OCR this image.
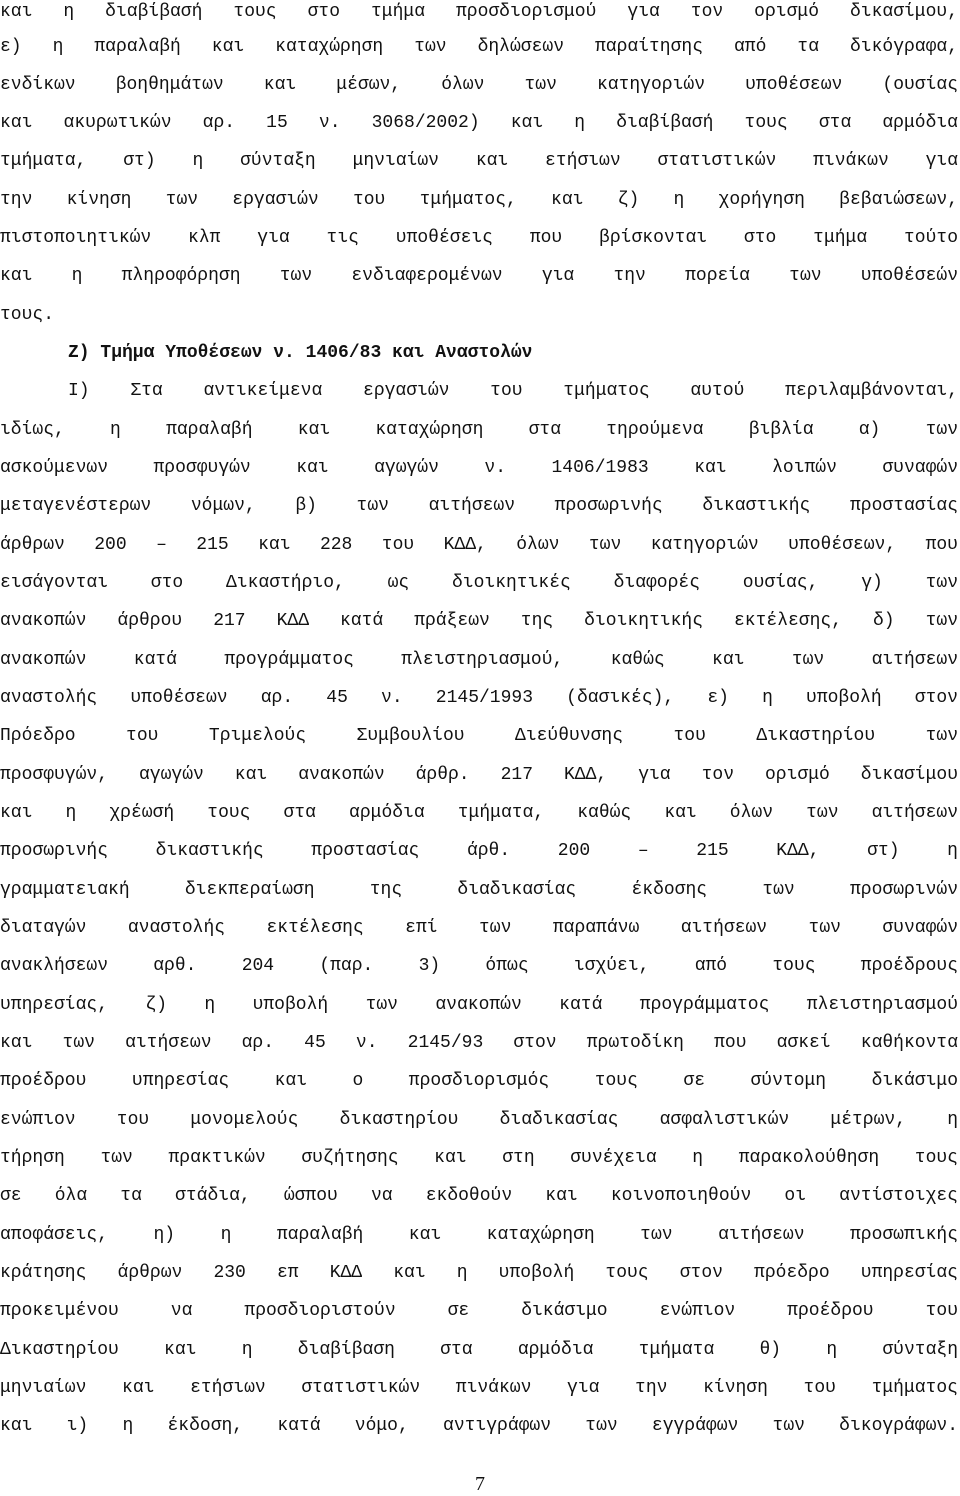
και η διαβίβασή τους στο τμήμα προσδιορισμού για τον ορισμό δικασίμου,
ε) η παραλαβή και καταχώρηση των δηλώσεων παραίτησης από τα δικόγραφα,
ενδίκων βοηθημάτων και μέσων, όλων των κατηγοριών υποθέσεων (ουσίας
και ακυρωτικών αρ. 15 ν. 3068/2002) και η διαβίβασή τους στα αρμόδια
τμήματα, στ) η σύνταξη μηνιαίων και ετήσιων στατιστικών πινάκων για
την κίνηση των εργασιών του τμήματος, και ζ) η χορήγηση βεβαιώσεων,
πιστοποιητικών κλπ για τις υποθέσεις που βρίσκονται στο τμήμα τούτο
και η πληροφόρηση των ενδιαφερομένων για την πορεία των υποθέσεών
τους.
Ζ) Τμήμα Υποθέσεων ν. 1406/83 και Αναστολών
Ι) Στα αντικείμενα εργασιών του τμήματος αυτού περιλαμβάνονται,
ιδίως, η παραλαβή και καταχώρηση στα τηρούμενα βιβλία α) των
ασκούμενων προσφυγών και αγωγών ν. 1406/1983 και λοιπών συναφών
μεταγενέστερων νόμων, β) των αιτήσεων προσωρινής δικαστικής προστασίας
άρθρων 200 – 215 και 228 του ΚΔΔ, όλων των κατηγοριών υποθέσεων, που
εισάγονται στο Δικαστήριο, ως διοικητικές διαφορές ουσίας, γ) των
ανακοπών άρθρου 217 ΚΔΔ κατά πράξεων της διοικητικής εκτέλεσης, δ) των
ανακοπών κατά προγράμματος πλειστηριασμού, καθώς και των αιτήσεων
αναστολής υποθέσεων αρ. 45 ν. 2145/1993 (δασικές), ε) η υποβολή στον
Πρόεδρο του Τριμελούς Συμβουλίου Διεύθυνσης του Δικαστηρίου των
προσφυγών, αγωγών και ανακοπών άρθρ. 217 ΚΔΔ, για τον ορισμό δικασίμου
και η χρέωσή τους στα αρμόδια τμήματα, καθώς και όλων των αιτήσεων
προσωρινής δικαστικής προστασίας άρθ. 200 – 215 ΚΔΔ, στ) η
γραμματειακή διεκπεραίωση της διαδικασίας έκδοσης των προσωρινών
διαταγών αναστολής εκτέλεσης επί των παραπάνω αιτήσεων των συναφών
ανακλήσεων αρθ. 204 (παρ. 3) όπως ισχύει, από τους προέδρους
υπηρεσίας, ζ) η υποβολή των ανακοπών κατά προγράμματος πλειστηριασμού
και των αιτήσεων αρ. 45 ν. 2145/93 στον πρωτοδίκη που ασκεί καθήκοντα
προέδρου υπηρεσίας και ο προσδιορισμός τους σε σύντομη δικάσιμο
ενώπιον του μονομελούς δικαστηρίου διαδικασίας ασφαλιστικών μέτρων, η
τήρηση των πρακτικών συζήτησης και στη συνέχεια η παρακολούθηση τους
σε όλα τα στάδια, ώσπου να εκδοθούν και κοινοποιηθούν οι αντίστοιχες
αποφάσεις, η) η παραλαβή και καταχώρηση των αιτήσεων προσωπικής
κράτησης άρθρων 230 επ ΚΔΔ και η υποβολή τους στον πρόεδρο υπηρεσίας
προκειμένου να προσδιοριστούν σε δικάσιμο ενώπιον προέδρου του
Δικαστηρίου και η διαβίβαση στα αρμόδια τμήματα θ) η σύνταξη
μηνιαίων και ετήσιων στατιστικών πινάκων για την κίνηση του τμήματος
και ι) η έκδοση, κατά νόμο, αντιγράφων των εγγράφων των δικογράφων.
7
